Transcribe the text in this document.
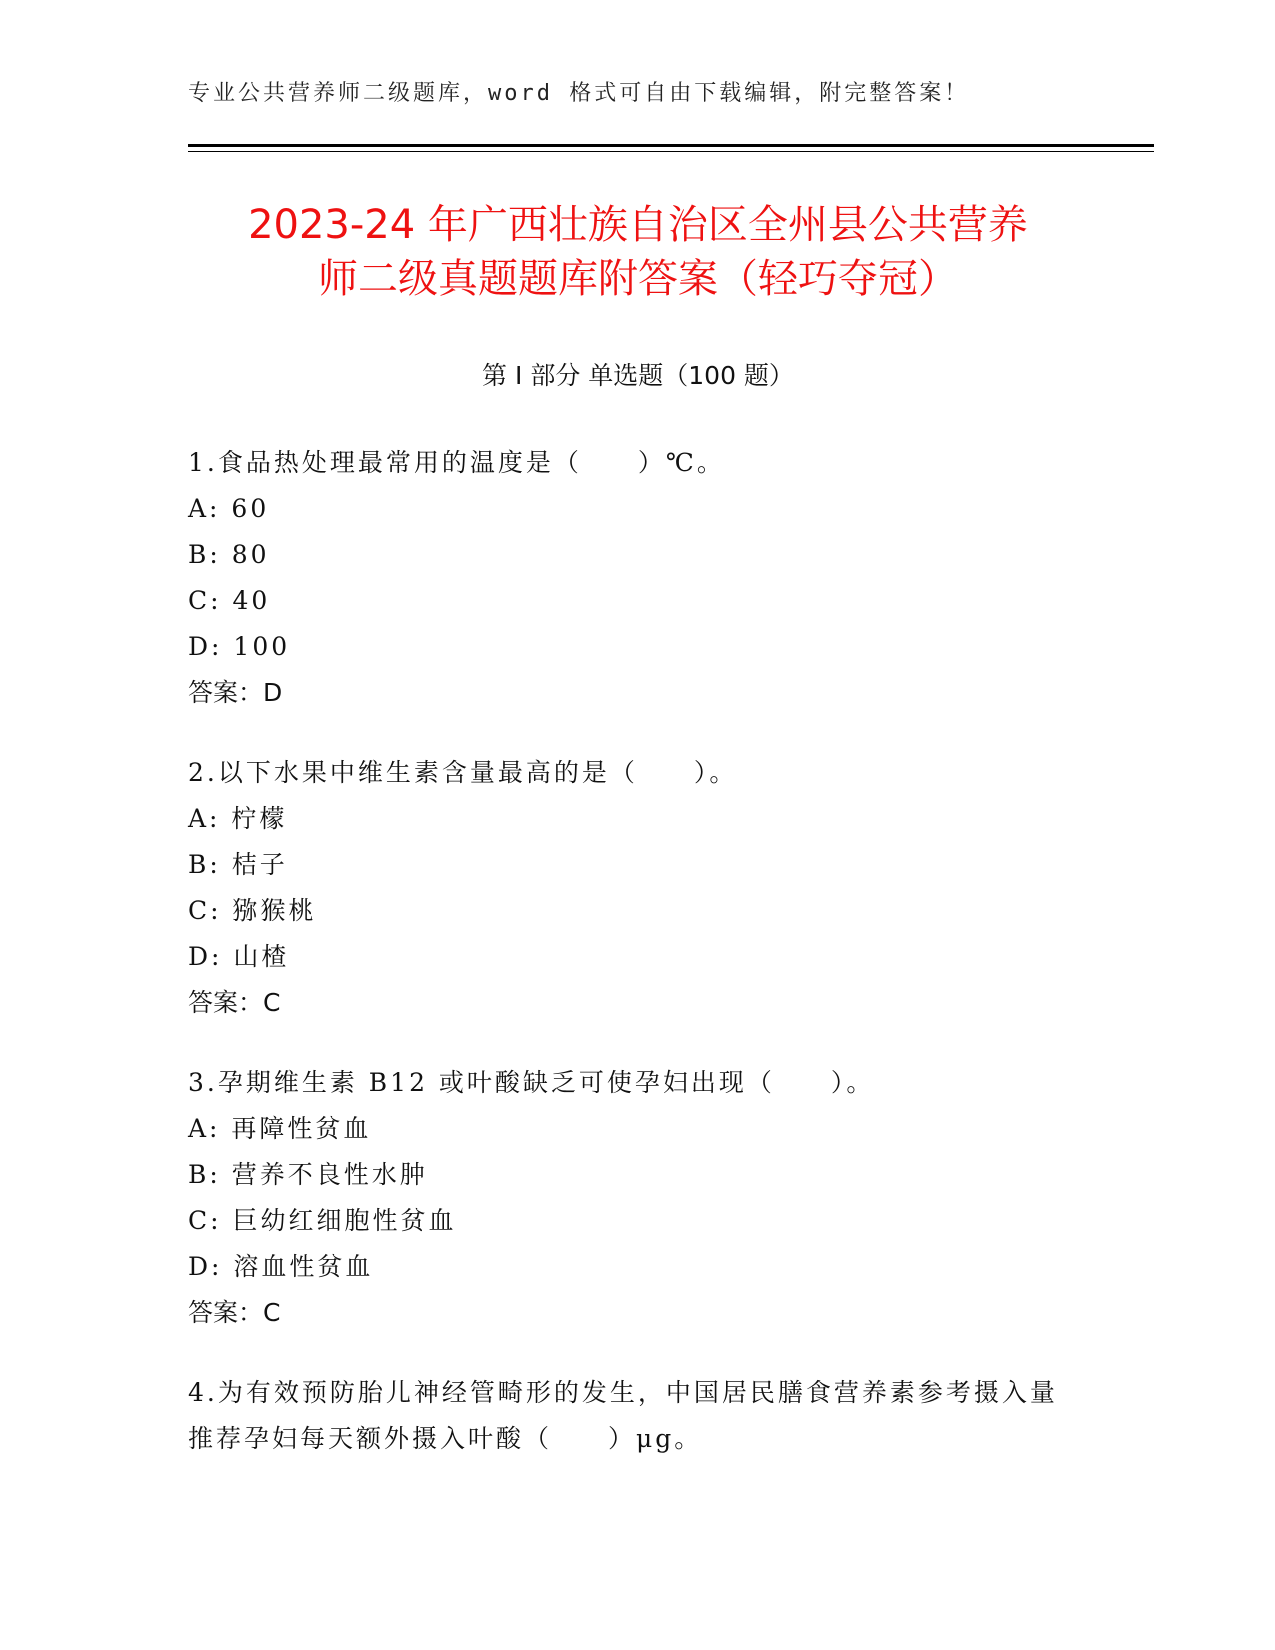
专业公共营养师二级题库，word 格式可自由下载编辑，附完整答案！
2023-24 年广西壮族自治区全州县公共营养
师二级真题题库附答案（轻巧夺冠）
第 I 部分 单选题（100 题）
1.食品热处理最常用的温度是（　　）℃。
A: 60
B: 80
C: 40
D: 100
答案：D
2.以下水果中维生素含量最高的是（　　）。
A: 柠檬
B: 桔子
C: 猕猴桃
D: 山楂
答案：C
3.孕期维生素 B12 或叶酸缺乏可使孕妇出现（　　）。
A: 再障性贫血
B: 营养不良性水肿
C: 巨幼红细胞性贫血
D: 溶血性贫血
答案：C
4.为有效预防胎儿神经管畸形的发生，中国居民膳食营养素参考摄入量推荐孕妇每天额外摄入叶酸（　　）μg。
